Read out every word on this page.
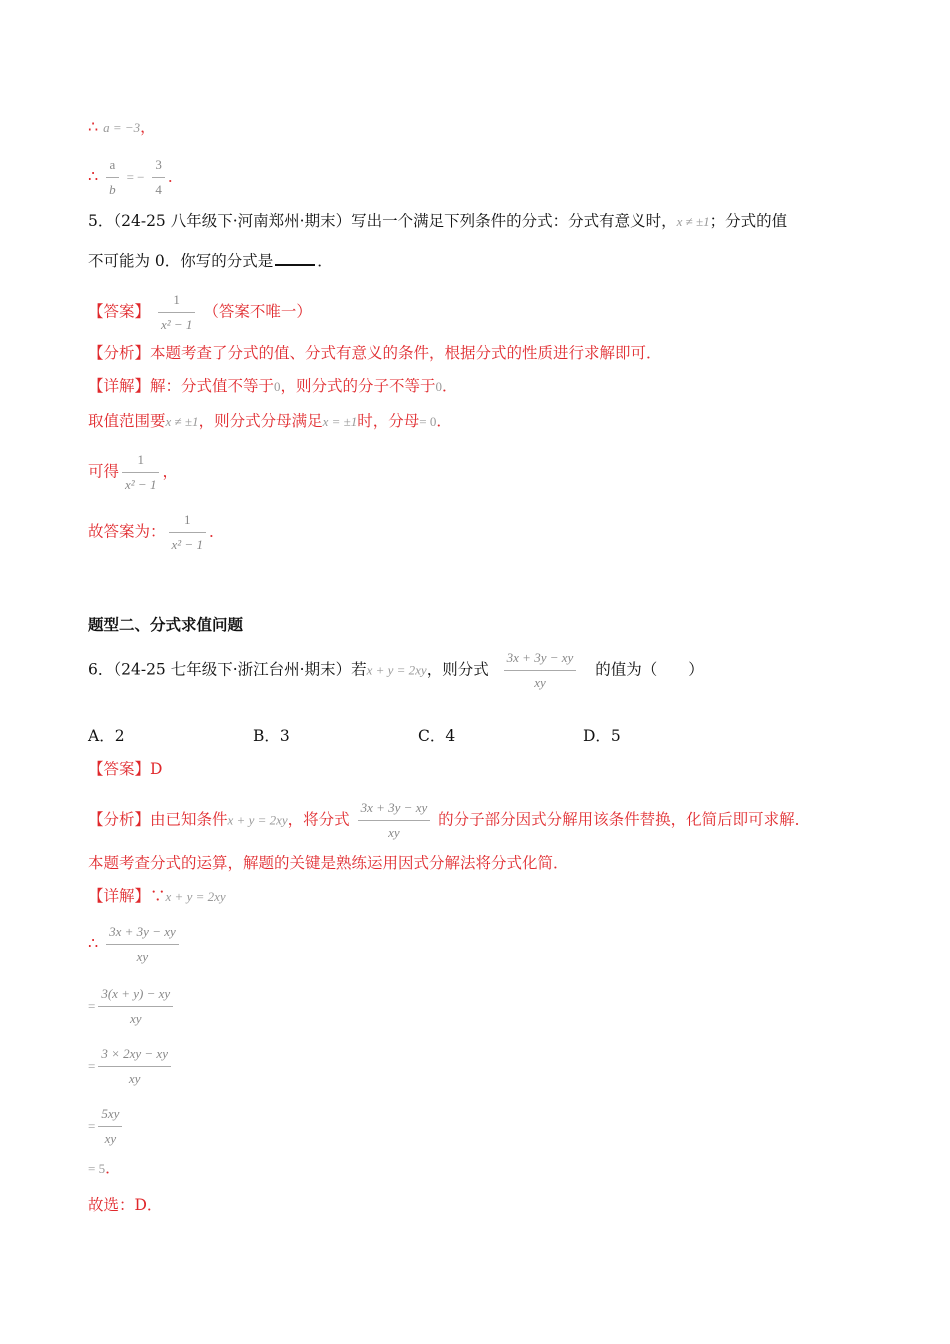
∴ a = −3，
∴ $\frac{a}{b}$ = − $\frac{3}{4}$ ．
5．（24-25 八年级下·河南郑州·期末）写出一个满足下列条件的分式：分式有意义时，x ≠ ±1；分式的值
不可能为 0．你写的分式是	．
【答案】 $\frac{1}{\text{x² − 1}}$ （答案不唯一）
【分析】本题考查了分式的值、分式有意义的条件，根据分式的性质进行求解即可．
【详解】解：分式值不等于0，则分式的分子不等于0．
取值范围要x ≠ ±1，则分式分母满足x = ±1时，分母= 0．
可得 $\frac{1}{\text{x² − 1}}$ ，
故答案为： $\frac{1}{\text{x² − 1}}$ ．
题型二、分式求值问题
6．（24-25 七年级下·浙江台州·期末）若x + y = 2xy，则分式 $\frac{3x + 3y - xy}{xy}$ 的值为（　　）
A．2	B．3	C．4	D．5
【答案】D
【分析】由已知条件x + y = 2xy，将分式 $\frac{3x + 3y - xy}{xy}$ 的分子部分因式分解用该条件替换，化简后即可求解．
本题考查分式的运算，解题的关键是熟练运用因式分解法将分式化简．
【详解】∵x + y = 2xy
∴ $\frac{3x + 3y - xy}{xy}$
= $\frac{3(x + y) - xy}{xy}$
= $\frac{3 \times 2xy - xy}{xy}$
= $\frac{5xy}{xy}$
= 5．
故选：D．
